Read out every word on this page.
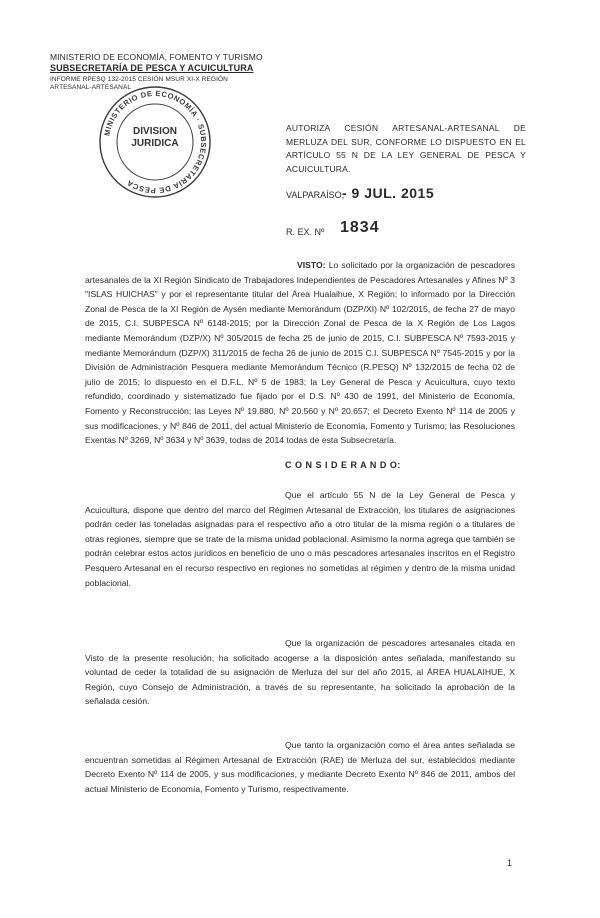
MINISTERIO DE ECONOMÍA, FOMENTO Y TURISMO
SUBSECRETARÍA DE PESCA Y ACUICULTURA
INFORME RPESQ 132-2015 CESIÓN MSUR XI-X REGIÓN
ARTESANAL-ARTESANAL
MINISTERIO DE ECONOMÍA · SUBSECRETARÍA DE PESCA
DIVISION
JURIDICA
AUTORIZA CESIÓN ARTESANAL-ARTESANAL DE MERLUZA DEL SUR, CONFORME LO DISPUESTO EN EL ARTÍCULO 55 N DE LA LEY GENERAL DE PESCA Y ACUICULTURA.
VALPARAÍSO,
- 9 JUL. 2015
R. EX. Nº 1834
VISTO: Lo solicitado por la organización de pescadores artesanales de la XI Región Sindicato de Trabajadores Independientes de Pescadores Artesanales y Afines Nº 3 "ISLAS HUICHAS" y por el representante titular del Área Hualaihue, X Región; lo informado por la Dirección Zonal de Pesca de la XI Región de Aysén mediante Memorándum (DZP/XI) Nº 102/2015, de fecha 27 de mayo de 2015, C.I. SUBPESCA Nº 6148-2015; por la Dirección Zonal de Pesca de la X Región de Los Lagos mediante Memorándum (DZP/X) Nº 305/2015 de fecha 25 de junio de 2015, C.I. SUBPESCA Nº 7593-2015 y mediante Memorándum (DZP/X) 311/2015 de fecha 26 de junio de 2015 C.I. SUBPESCA Nº 7545-2015 y por la División de Administración Pesquera mediante Memorándum Técnico (R.PESQ) Nº 132/2015 de fecha 02 de julio de 2015; lo dispuesto en el D.F.L. Nº 5 de 1983; la Ley General de Pesca y Acuicultura, cuyo texto refundido, coordinado y sistematizado fue fijado por el D.S. Nº 430 de 1991, del Ministerio de Economía, Fomento y Reconstrucción; las Leyes Nº 19.880, Nº 20.560 y Nº 20.657; el Decreto Exento Nº 114 de 2005 y sus modificaciones, y Nº 846 de 2011, del actual Ministerio de Economía, Fomento y Turismo; las Resoluciones Exentas Nº 3269, Nº 3634 y Nº 3639, todas de 2014 todas de esta Subsecretaría.
C O N S I D E R A N D O:
Que el artículo 55 N de la Ley General de Pesca y Acuicultura, dispone que dentro del marco del Régimen Artesanal de Extracción, los titulares de asignaciones podrán ceder las toneladas asignadas para el respectivo año a otro titular de la misma región o a titulares de otras regiones, siempre que se trate de la misma unidad poblacional. Asimismo la norma agrega que también se podrán celebrar estos actos jurídicos en beneficio de uno o más pescadores artesanales inscritos en el Registro Pesquero Artesanal en el recurso respectivo en regiones no sometidas al régimen y dentro de la misma unidad poblacional.
Que la organización de pescadores artesanales citada en Visto de la presente resolución, ha solicitado acogerse a la disposición antes señalada, manifestando su voluntad de ceder la totalidad de su asignación de Merluza del sur del año 2015, al ÁREA HUALAIHUE, X Región, cuyo Consejo de Administración, a través de su representante, ha solicitado la aprobación de la señalada cesión.
Que tanto la organización como el área antes señalada se encuentran sometidas al Régimen Artesanal de Extracción (RAE) de Merluza del sur, establecidos mediante Decreto Exento Nº 114 de 2005, y sus modificaciones, y mediante Decreto Exento Nº 846 de 2011, ambos del actual Ministerio de Economía, Fomento y Turismo, respectivamente.
1
